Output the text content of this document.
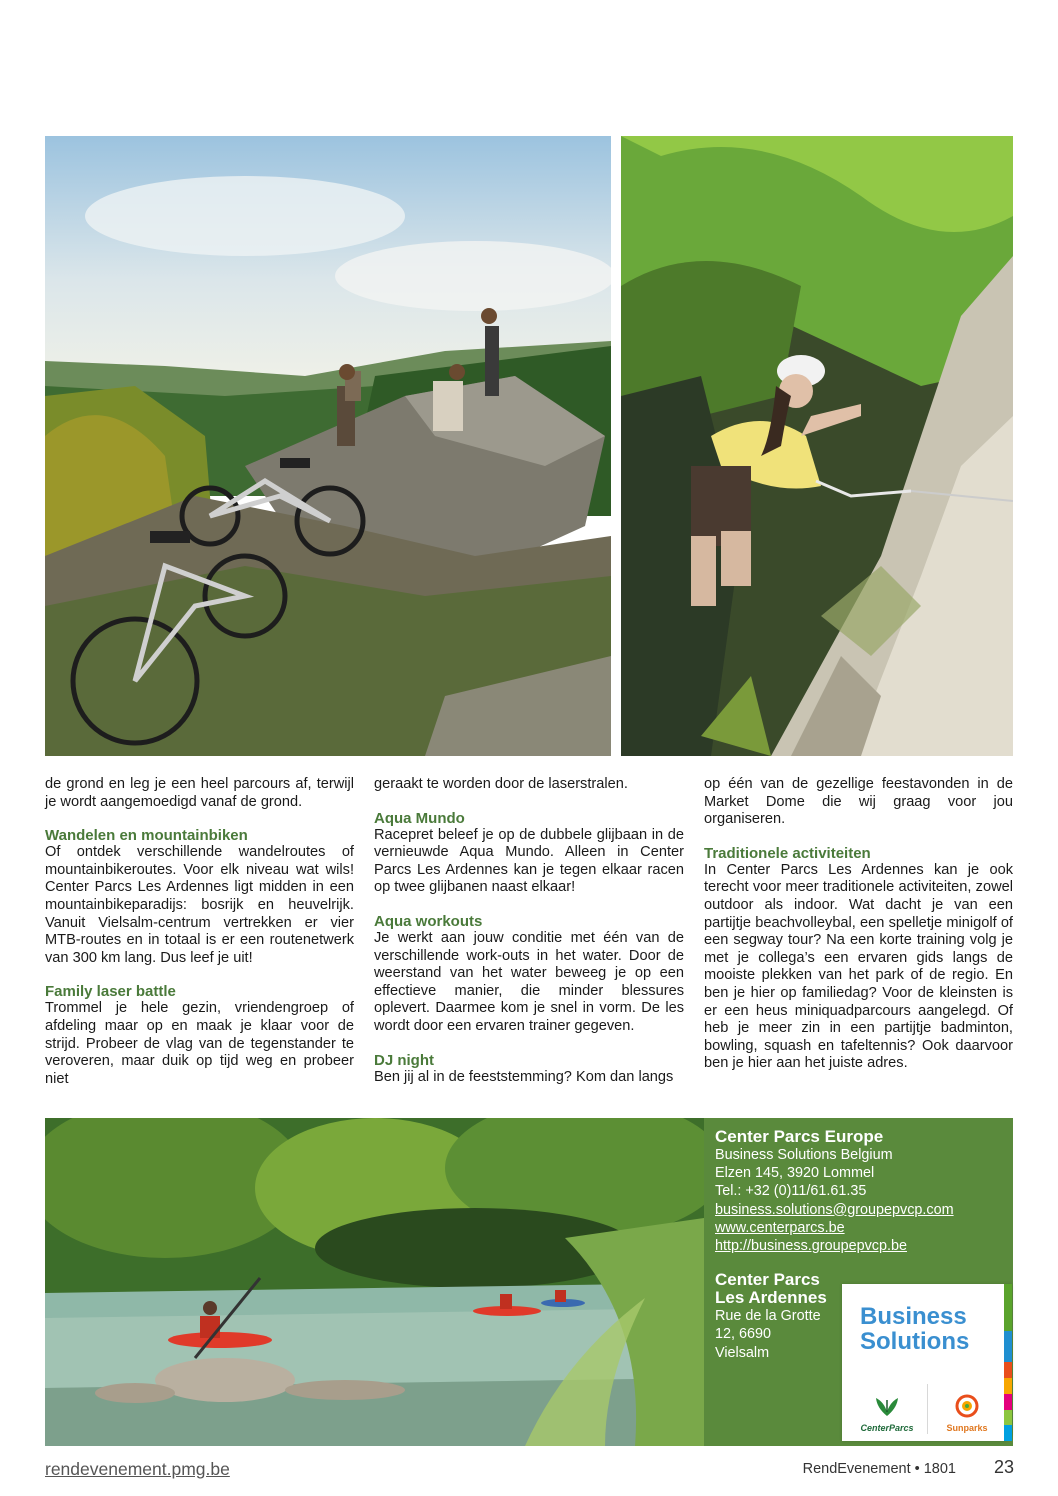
de grond en leg je een heel parcours af, terwijl je wordt aangemoedigd vanaf de grond.

Wandelen en mountainbiken

Of ontdek verschillende wandelroutes of mountainbikeroutes. Voor elk niveau wat wils! Center Parcs Les Ardennes ligt midden in een mountainbikeparadijs: bosrijk en heuvelrijk. Vanuit Vielsalm-centrum vertrekken er vier MTB-routes en in totaal is er een routenetwerk van 300 km lang. Dus leef je uit!

Family laser battle

Trommel je hele gezin, vriendengroep of afdeling maar op en maak je klaar voor de strijd. Probeer de vlag van de tegenstander te veroveren, maar duik op tijd weg en probeer niet

geraakt te worden door de laserstralen.

Aqua Mundo

Racepret beleef je op de dubbele glijbaan in de vernieuwde Aqua Mundo. Alleen in Center Parcs Les Ardennes kan je tegen elkaar racen op twee glijbanen naast elkaar!

Aqua workouts

Je werkt aan jouw conditie met één van de verschillende work-outs in het water. Door de weerstand van het water beweeg je op een effectieve manier, die minder blessures oplevert. Daarmee kom je snel in vorm. De les wordt door een ervaren trainer gegeven.

DJ night

Ben jij al in de feeststemming? Kom dan langs

op één van de gezellige feestavonden in de Market Dome die wij graag voor jou organiseren.

Traditionele activiteiten

In Center Parcs Les Ardennes kan je ook terecht voor meer traditionele activiteiten, zowel outdoor als indoor. Wat dacht je van een partijtje beachvolleybal, een spelletje minigolf of een segway tour? Na een korte training volg je met je collega’s een ervaren gids langs de mooiste plekken van het park of de regio. En ben je hier op familiedag? Voor de kleinsten is er een heus miniquadparcours aangelegd. Of heb je meer zin in een partijtje badminton, bowling, squash en tafeltennis? Ook daarvoor ben je hier aan het juiste adres.

Center Parcs Europe
Business Solutions Belgium
Elzen 145, 3920 Lommel
Tel.: +32 (0)11/61.61.35
business.solutions@groupepvcp.com
www.centerparcs.be
http://business.groupepvcp.be
Center Parcs
Les Ardennes
Rue de la Grotte
12, 6690
Vielsalm
Business
Solutions
CenterParcs	Sunparks
rendevenement.pmg.be	RendEvenement • 1801 23
